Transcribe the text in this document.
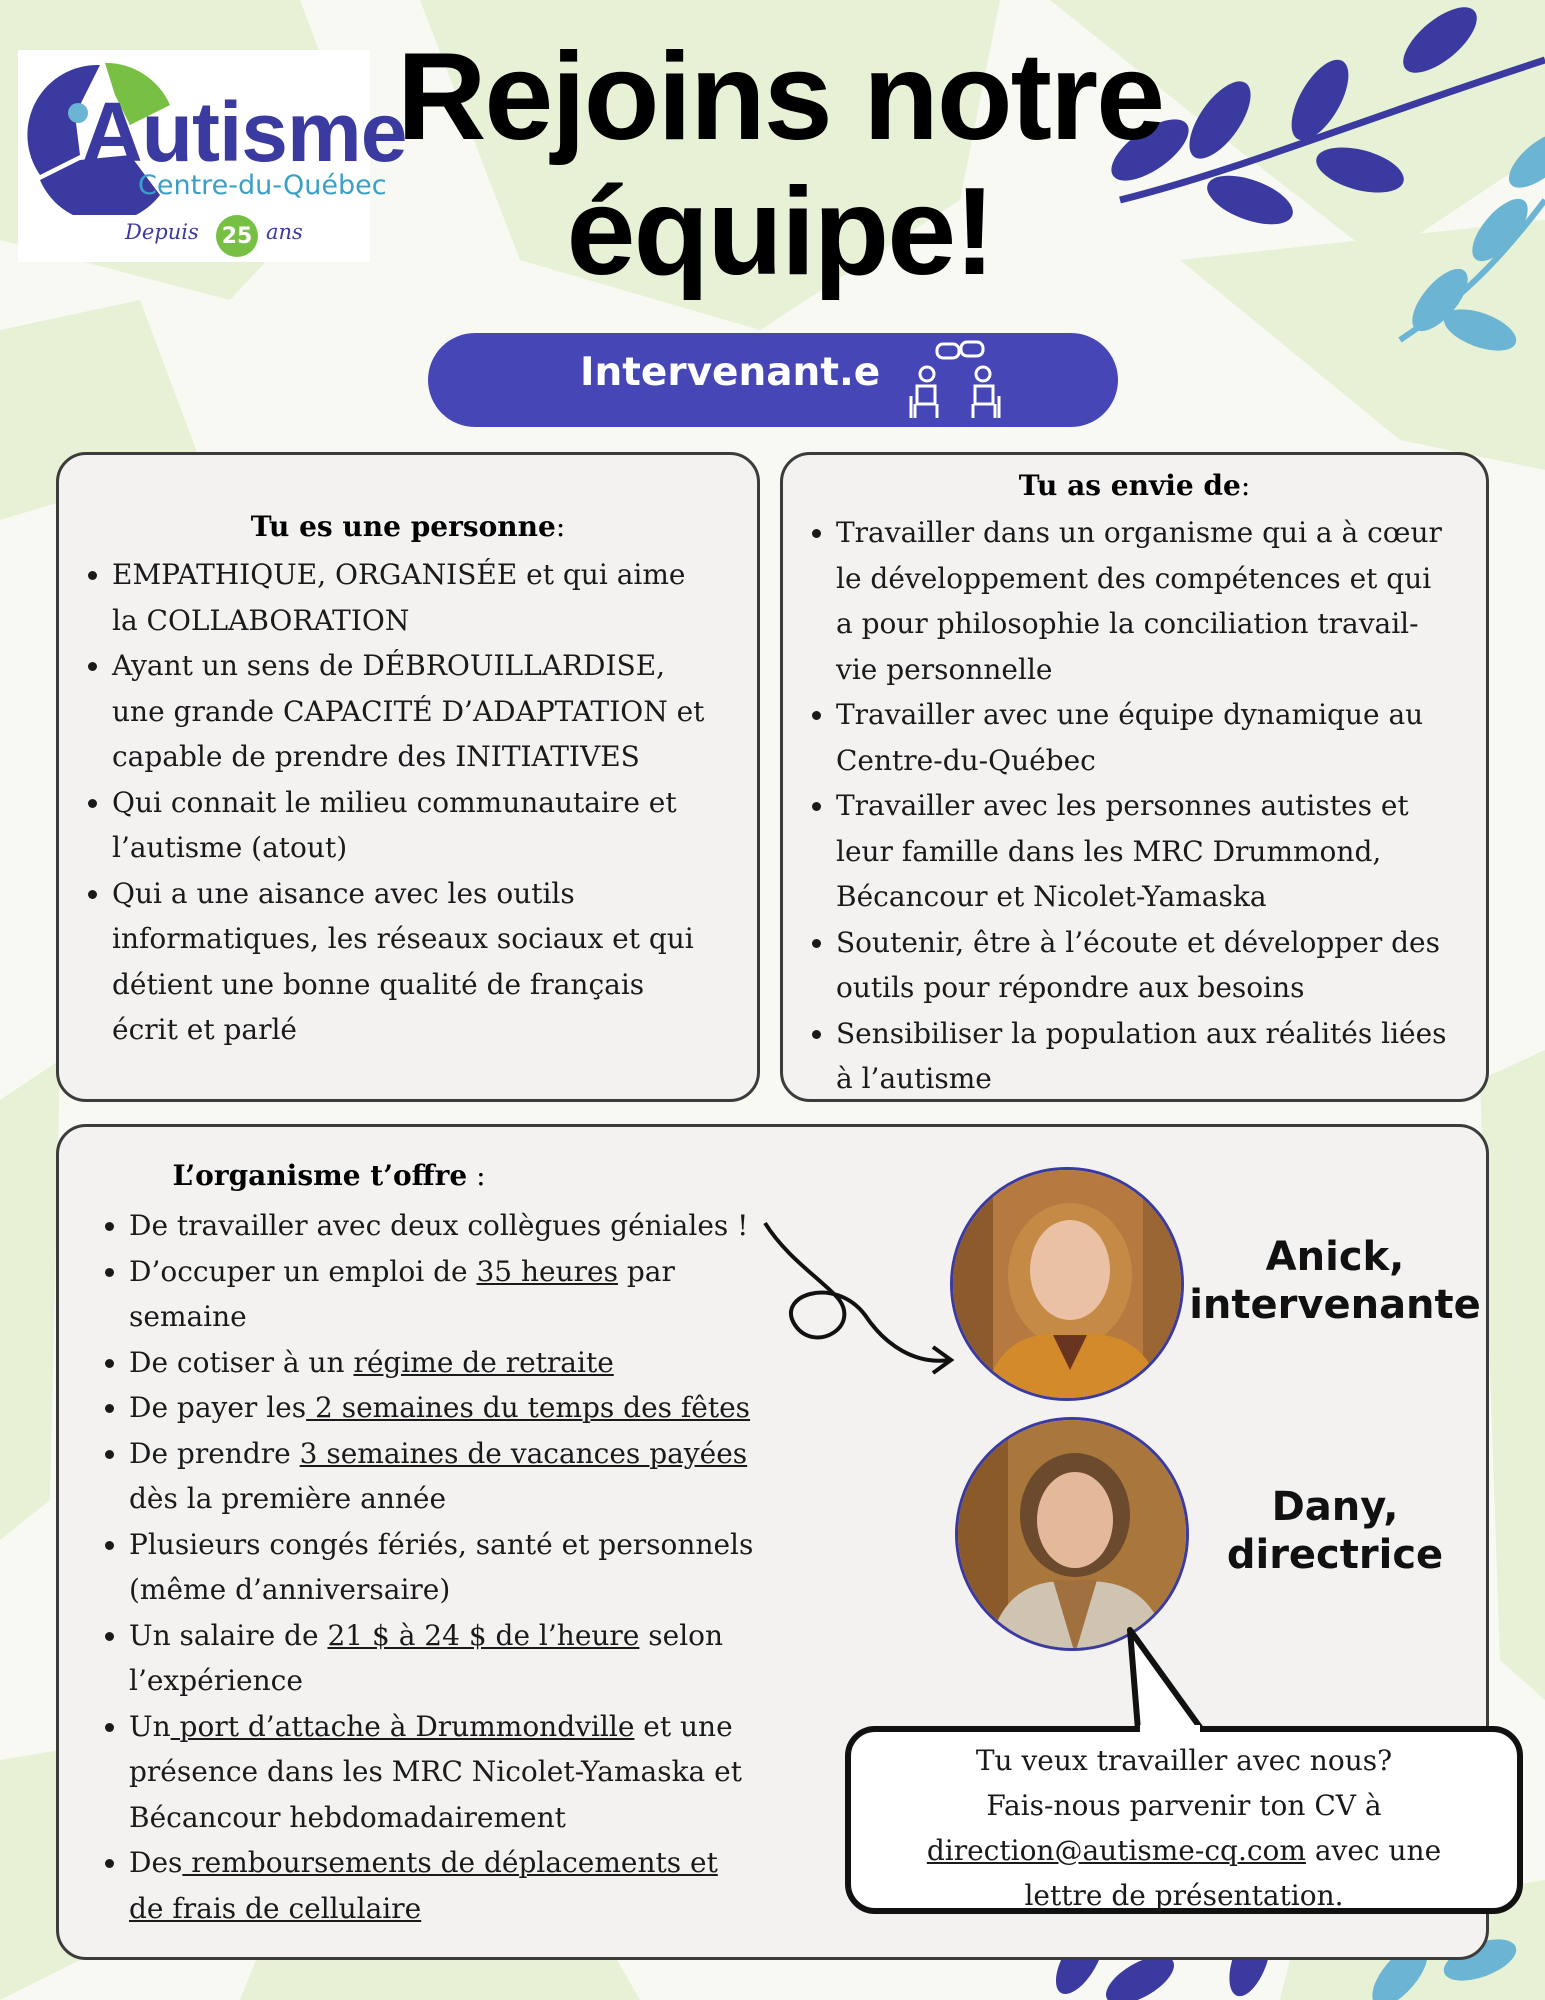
Autisme
Centre-du-Québec
Depuis 25 ans
Rejoins notre
équipe!
Intervenant.e
Tu es une personne:
• EMPATHIQUE, ORGANISÉE et qui aime la COLLABORATION
• Ayant un sens de DÉBROUILLARDISE, une grande CAPACITÉ D’ADAPTATION et capable de prendre des INITIATIVES
• Qui connait le milieu communautaire et l’autisme (atout)
• Qui a une aisance avec les outils informatiques, les réseaux sociaux et qui détient une bonne qualité de français écrit et parlé
Tu as envie de:
• Travailler dans un organisme qui a à cœur le développement des compétences et qui a pour philosophie la conciliation travail-vie personnelle
• Travailler avec une équipe dynamique au Centre-du-Québec
• Travailler avec les personnes autistes et leur famille dans les MRC Drummond, Bécancour et Nicolet-Yamaska
• Soutenir, être à l’écoute et développer des outils pour répondre aux besoins
• Sensibiliser la population aux réalités liées à l’autisme
L’organisme t’offre :
• De travailler avec deux collègues géniales !
• D’occuper un emploi de 35 heures par semaine
• De cotiser à un régime de retraite
• De payer les 2 semaines du temps des fêtes
• De prendre 3 semaines de vacances payées dès la première année
• Plusieurs congés fériés, santé et personnels (même d’anniversaire)
• Un salaire de 21 $ à 24 $ de l’heure selon l’expérience
• Un port d’attache à Drummondville et une présence dans les MRC Nicolet-Yamaska et Bécancour hebdomadairement
• Des remboursements de déplacements et de frais de cellulaire
Anick,
intervenante
Dany,
directrice
Tu veux travailler avec nous?
Fais-nous parvenir ton CV à
direction@autisme-cq.com avec une
lettre de présentation.
